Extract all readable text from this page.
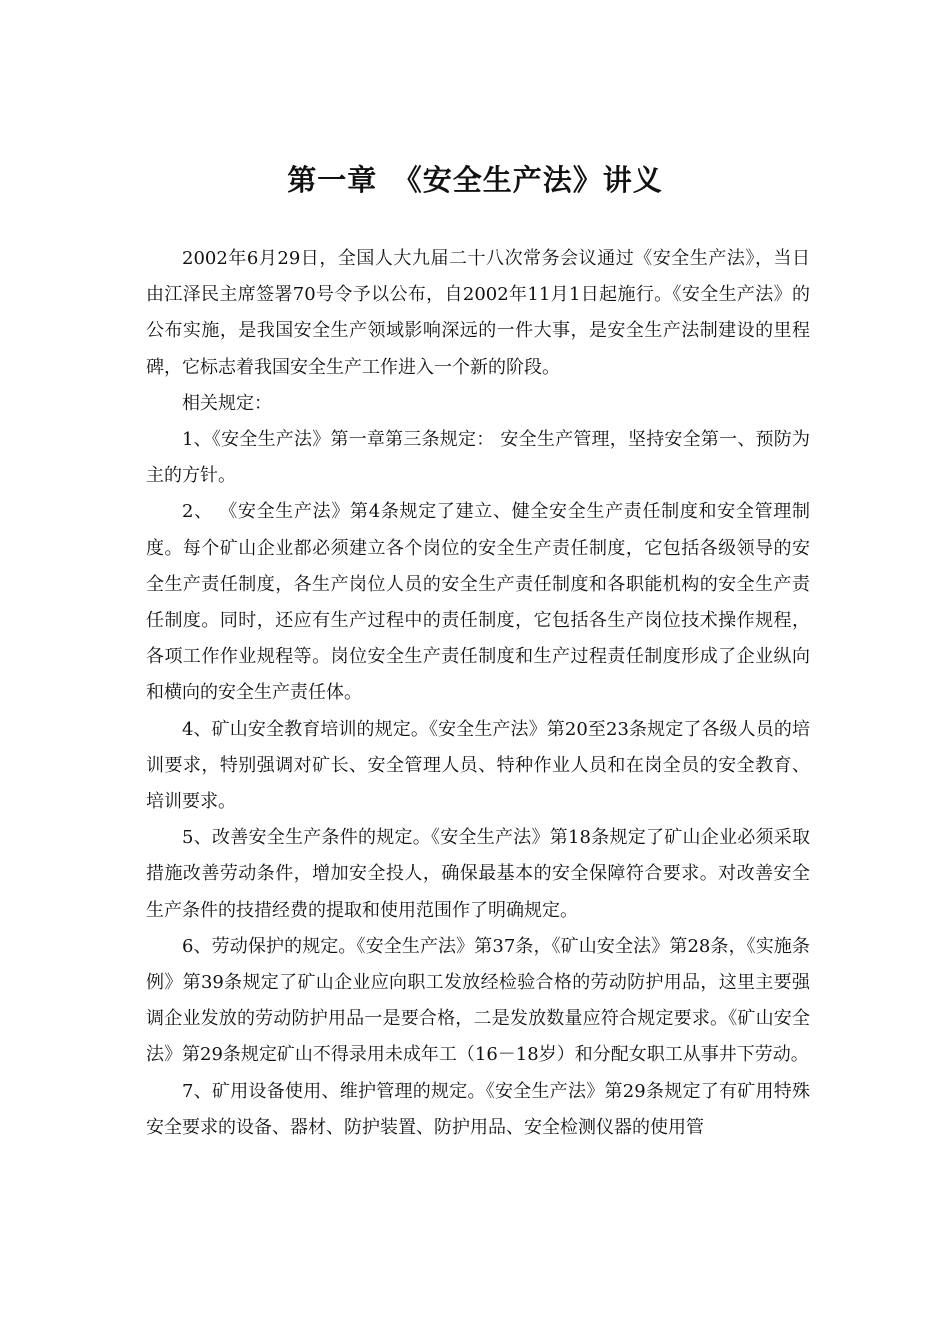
第一章　《安全生产法》讲义

2002年6月29日，全国人大九届二十八次常务会议通过《安全生产法》，当日由江泽民主席签署70号令予以公布，自2002年11月1日起施行。《安全生产法》的公布实施，是我国安全生产领域影响深远的一件大事，是安全生产法制建设的里程碑，它标志着我国安全生产工作进入一个新的阶段。

相关规定：

1、《安全生产法》第一章第三条规定： 安全生产管理，坚持安全第一、预防为主的方针。

2、 《安全生产法》第4条规定了建立、健全安全生产责任制度和安全管理制度。每个矿山企业都必须建立各个岗位的安全生产责任制度，它包括各级领导的安全生产责任制度，各生产岗位人员的安全生产责任制度和各职能机构的安全生产责任制度。同时，还应有生产过程中的责任制度，它包括各生产岗位技术操作规程，各项工作作业规程等。岗位安全生产责任制度和生产过程责任制度形成了企业纵向和横向的安全生产责任体。

4、矿山安全教育培训的规定。《安全生产法》第20至23条规定了各级人员的培训要求，特别强调对矿长、安全管理人员、特种作业人员和在岗全员的安全教育、培训要求。

5、改善安全生产条件的规定。《安全生产法》第18条规定了矿山企业必须采取措施改善劳动条件，增加安全投人，确保最基本的安全保障符合要求。对改善安全生产条件的技措经费的提取和使用范围作了明确规定。

6、劳动保护的规定。《安全生产法》第37条，《矿山安全法》第28条，《实施条例》第39条规定了矿山企业应向职工发放经检验合格的劳动防护用品，这里主要强调企业发放的劳动防护用品一是要合格，二是发放数量应符合规定要求。《矿山安全法》第29条规定矿山不得录用未成年工（16－18岁）和分配女职工从事井下劳动。

7、矿用设备使用、维护管理的规定。《安全生产法》第29条规定了有矿用特殊安全要求的设备、器材、防护装置、防护用品、安全检测仪器的使用管
